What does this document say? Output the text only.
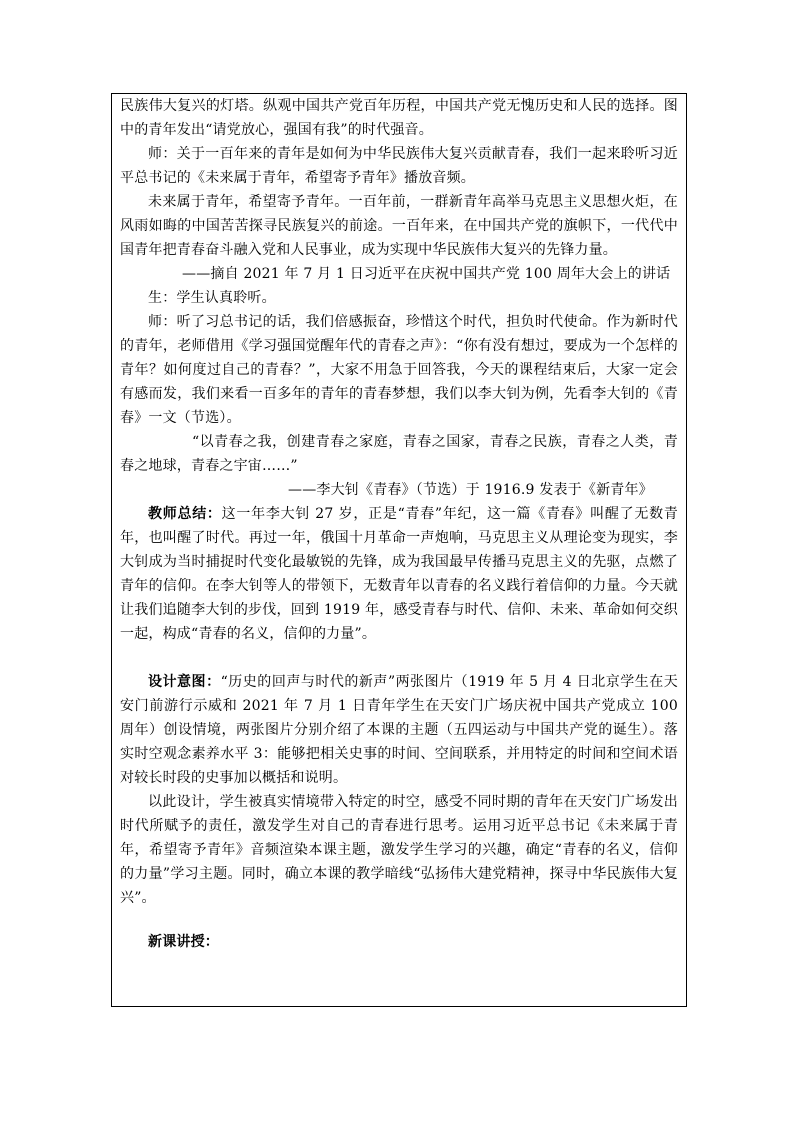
民族伟大复兴的灯塔。纵观中国共产党百年历程，中国共产党无愧历史和人民的选择。图中的青年发出“请党放心，强国有我”的时代强音。

师：关于一百年来的青年是如何为中华民族伟大复兴贡献青春，我们一起来聆听习近平总书记的《未来属于青年，希望寄予青年》播放音频。

未来属于青年，希望寄予青年。一百年前，一群新青年高举马克思主义思想火炬，在风雨如晦的中国苦苦探寻民族复兴的前途。一百年来，在中国共产党的旗帜下，一代代中国青年把青春奋斗融入党和人民事业，成为实现中华民族伟大复兴的先锋力量。

——摘自 2021 年 7 月 1 日习近平在庆祝中国共产党 100 周年大会上的讲话

生：学生认真聆听。

师：听了习总书记的话，我们倍感振奋，珍惜这个时代，担负时代使命。作为新时代的青年，老师借用《学习强国觉醒年代的青春之声》：“你有没有想过，要成为一个怎样的青年？如何度过自己的青春？”，大家不用急于回答我，今天的课程结束后，大家一定会有感而发，我们来看一百多年的青年的青春梦想，我们以李大钊为例，先看李大钊的《青春》一文（节选）。

“以青春之我，创建青春之家庭，青春之国家，青春之民族，青春之人类，青春之地球，青春之宇宙……”

——李大钊《青春》（节选）于 1916.9 发表于《新青年》

教师总结：这一年李大钊 27 岁，正是“青春”年纪，这一篇《青春》叫醒了无数青年，也叫醒了时代。再过一年，俄国十月革命一声炮响，马克思主义从理论变为现实，李大钊成为当时捕捉时代变化最敏锐的先锋，成为我国最早传播马克思主义的先驱，点燃了青年的信仰。在李大钊等人的带领下，无数青年以青春的名义践行着信仰的力量。今天就让我们追随李大钊的步伐，回到 1919 年，感受青春与时代、信仰、未来、革命如何交织一起，构成“青春的名义，信仰的力量”。

设计意图：“历史的回声与时代的新声”两张图片（1919 年 5 月 4 日北京学生在天安门前游行示威和 2021 年 7 月 1 日青年学生在天安门广场庆祝中国共产党成立 100 周年）创设情境，两张图片分别介绍了本课的主题（五四运动与中国共产党的诞生）。落实时空观念素养水平 3：能够把相关史事的时间、空间联系，并用特定的时间和空间术语对较长时段的史事加以概括和说明。

以此设计，学生被真实情境带入特定的时空，感受不同时期的青年在天安门广场发出时代所赋予的责任，激发学生对自己的青春进行思考。运用习近平总书记《未来属于青年，希望寄予青年》音频渲染本课主题，激发学生学习的兴趣，确定“青春的名义，信仰的力量”学习主题。同时，确立本课的教学暗线“弘扬伟大建党精神，探寻中华民族伟大复兴”。

新课讲授：
